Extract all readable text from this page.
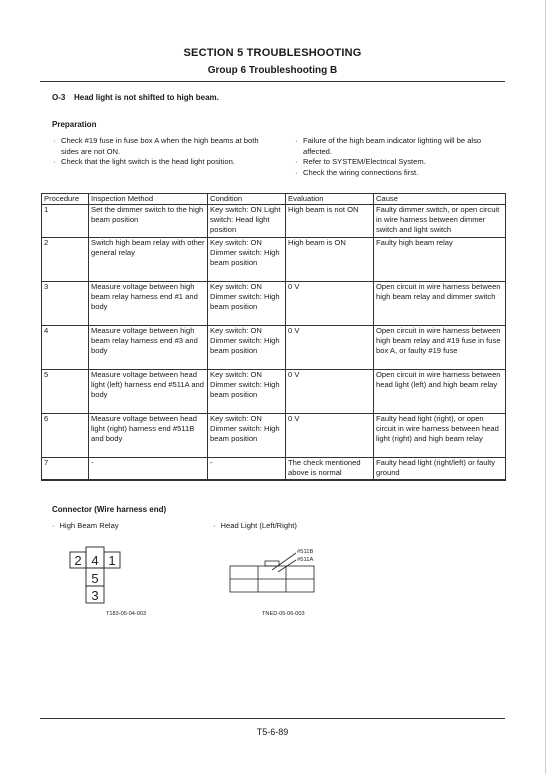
SECTION 5 TROUBLESHOOTING
Group 6 Troubleshooting B
O-3 Head light is not shifted to high beam.
Preparation
· Check #19 fuse in fuse box A when the high beams at both sides are not ON.
· Check that the light switch is the head light position.
· Failure of the high beam indicator lighting will be also affected.
· Refer to SYSTEM/Electrical System.
· Check the wiring connections first.
Procedure	Inspection Method	Condition	Evaluation	Cause
1	Set the dimmer switch to the high beam position	Key switch: ON Light switch: Head light position	High beam is not ON	Faulty dimmer switch, or open circuit in wire harness between dimmer switch and light switch
2	Switch high beam relay with other general relay	Key switch: ON Dimmer switch: High beam position	High beam is ON	Faulty high beam relay
3	Measure voltage between high beam relay harness end #1 and body	Key switch: ON Dimmer switch: High beam position	0 V	Open circuit in wire harness between high beam relay and dimmer switch
4	Measure voltage between high beam relay harness end #3 and body	Key switch: ON Dimmer switch: High beam position	0 V	Open circuit in wire harness between high beam relay and #19 fuse in fuse box A, or faulty #19 fuse
5	Measure voltage between head light (left) harness end #511A and body	Key switch: ON Dimmer switch: High beam position	0 V	Open circuit in wire harness between head light (left) and high beam relay
6	Measure voltage between head light (right) harness end #511B and body	Key switch: ON Dimmer switch: High beam position	0 V	Faulty head light (right), or open circuit in wire harness between head light (right) and high beam relay
7	-	-	The check mentioned above is normal	Faulty head light (right/left) or faulty ground
Connector (Wire harness end)
· High Beam Relay	· Head Light (Left/Right)
2 4 1
5
3
#511B
#511A
T183-05-04-003	TNED-05-06-003
T5-6-89
